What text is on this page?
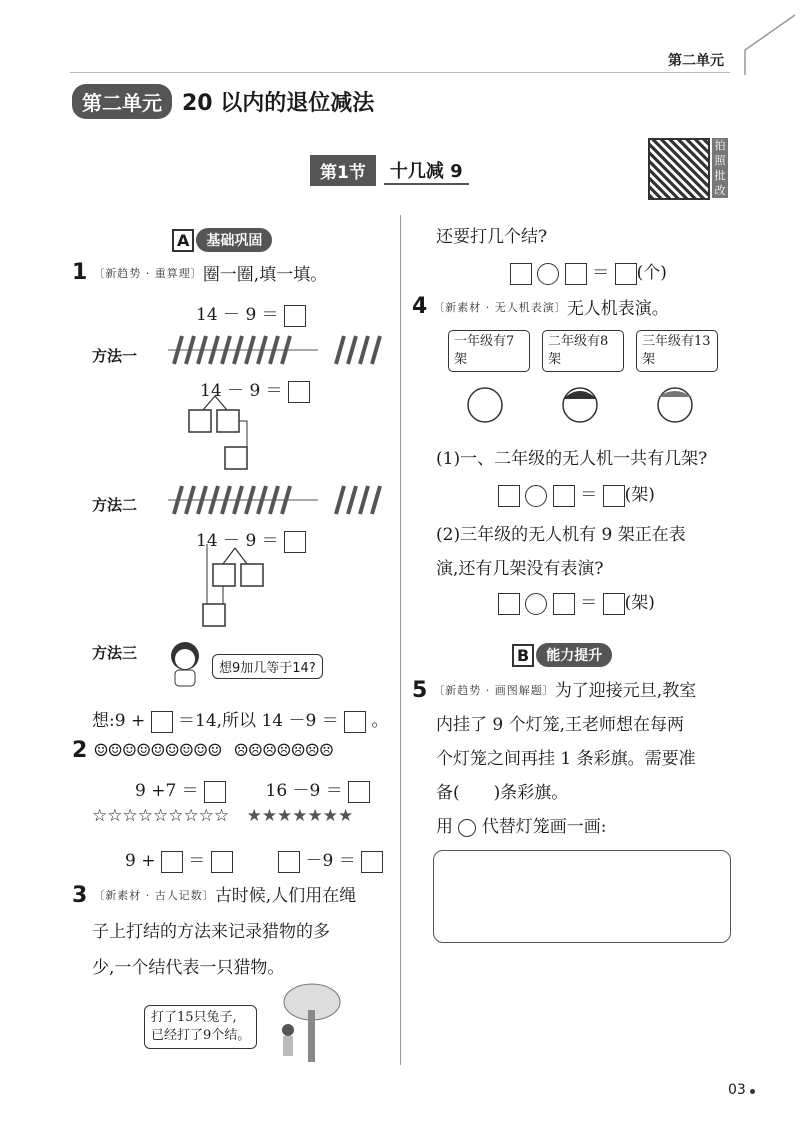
第二单元
第二单元 20 以内的退位减法
第1节	十几减 9
拍照批改
A	基础巩固
1 〔新趋势 · 重算理〕 圈一圈,填一填。
14 － 9 ＝
方法一
14 － 9 ＝
方法二
14 － 9 ＝
方法三
想9加几等于14?
想:9 + ＝14,所以 14 －9 ＝ 。
2 ☺☺☺☺☺☺☺☺☺ ☹☹☹☹☹☹☹
9 +7 ＝	16 －9 ＝
☆☆☆☆☆☆☆☆☆ ★★★★★★★
9 + ＝	－9 ＝
3 〔新素材 · 古人记数〕 古时候,人们用在绳
子上打结的方法来记录猎物的多
少,一个结代表一只猎物。
打了15只兔子,
已经打了9个结。
还要打几个结?
＝ (个)
4 〔新素材 · 无人机表演〕 无人机表演。
一年级有7
架
二年级有8
架
三年级有13
架
(1)一、二年级的无人机一共有几架?
＝ (架)
(2)三年级的无人机有 9 架正在表
演,还有几架没有表演?
＝ (架)
B	能力提升
5 〔新趋势 · 画图解题〕 为了迎接元旦,教室
内挂了 9 个灯笼,王老师想在每两
个灯笼之间再挂 1 条彩旗。需要准
备(　　)条彩旗。
用 代替灯笼画一画:
03
